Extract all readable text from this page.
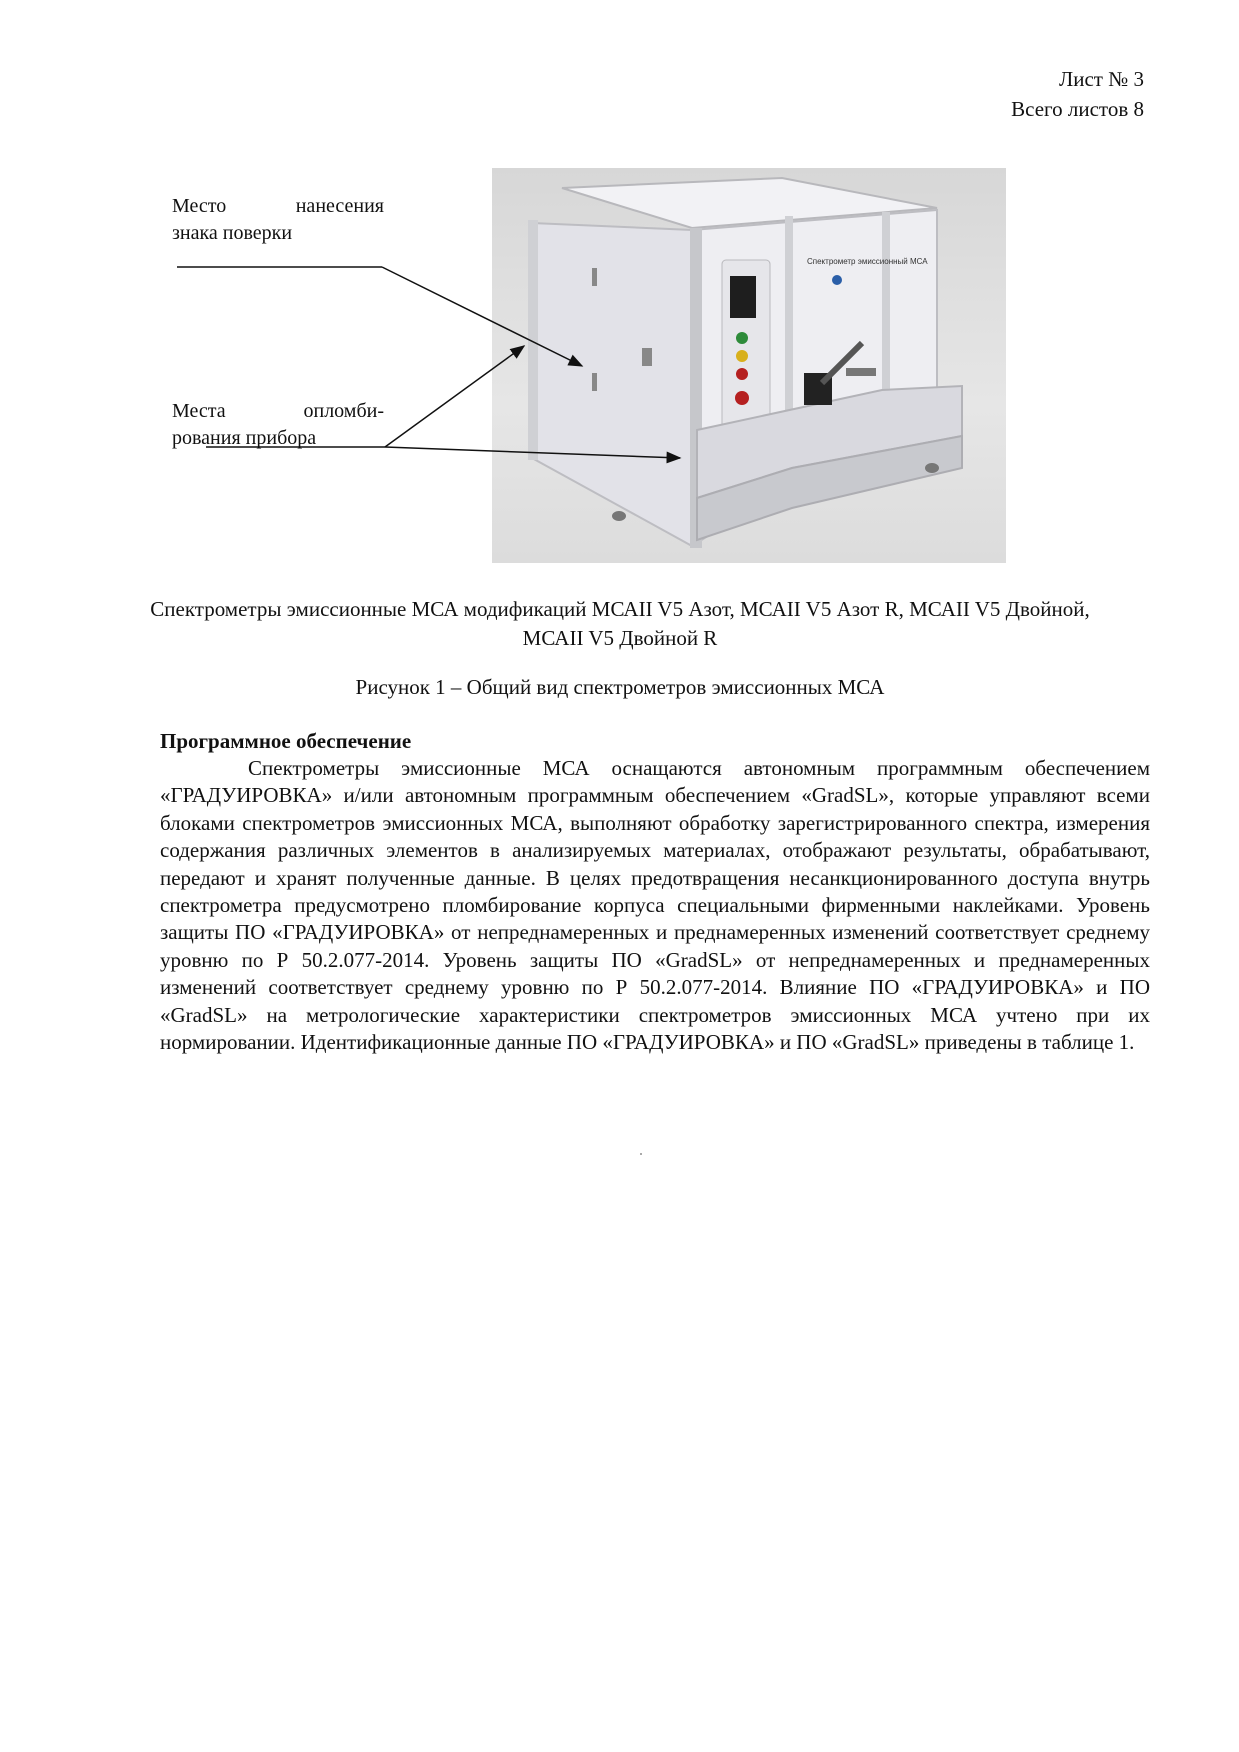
Лист № 3
Всего листов 8
Место нанесения
знака поверки
Места опломби-
рования прибора
Спектрометр эмиссионный МСА
Спектрометры эмиссионные МСА модификаций МСАII V5 Азот, МСАII V5 Азот R, МСАII V5 Двойной, МСАII V5 Двойной R
Рисунок 1 – Общий вид спектрометров эмиссионных МСА
Программное обеспечение

Спектрометры эмиссионные МСА оснащаются автономным программным обеспечением «ГРАДУИРОВКА» и/или автономным программным обеспечением «GradSL», которые управляют всеми блоками спектрометров эмиссионных МСА, выполняют обработку зарегистрированного спектра, измерения содержания различных элементов в анализируемых материалах, отображают результаты, обрабатывают, передают и хранят полученные данные. В целях предотвращения несанкционированного доступа внутрь спектрометра предусмотрено пломбирование корпуса специальными фирменными наклейками. Уровень защиты ПО «ГРАДУИРОВКА» от непреднамеренных и преднамеренных изменений соответствует среднему уровню по Р 50.2.077-2014. Уровень защиты ПО «GradSL» от непреднамеренных и преднамеренных изменений соответствует среднему уровню по Р 50.2.077-2014. Влияние ПО «ГРАДУИРОВКА» и ПО «GradSL» на метрологические характеристики спектрометров эмиссионных МСА учтено при их нормировании. Идентификационные данные ПО «ГРАДУИРОВКА» и ПО «GradSL» приведены в таблице 1.
